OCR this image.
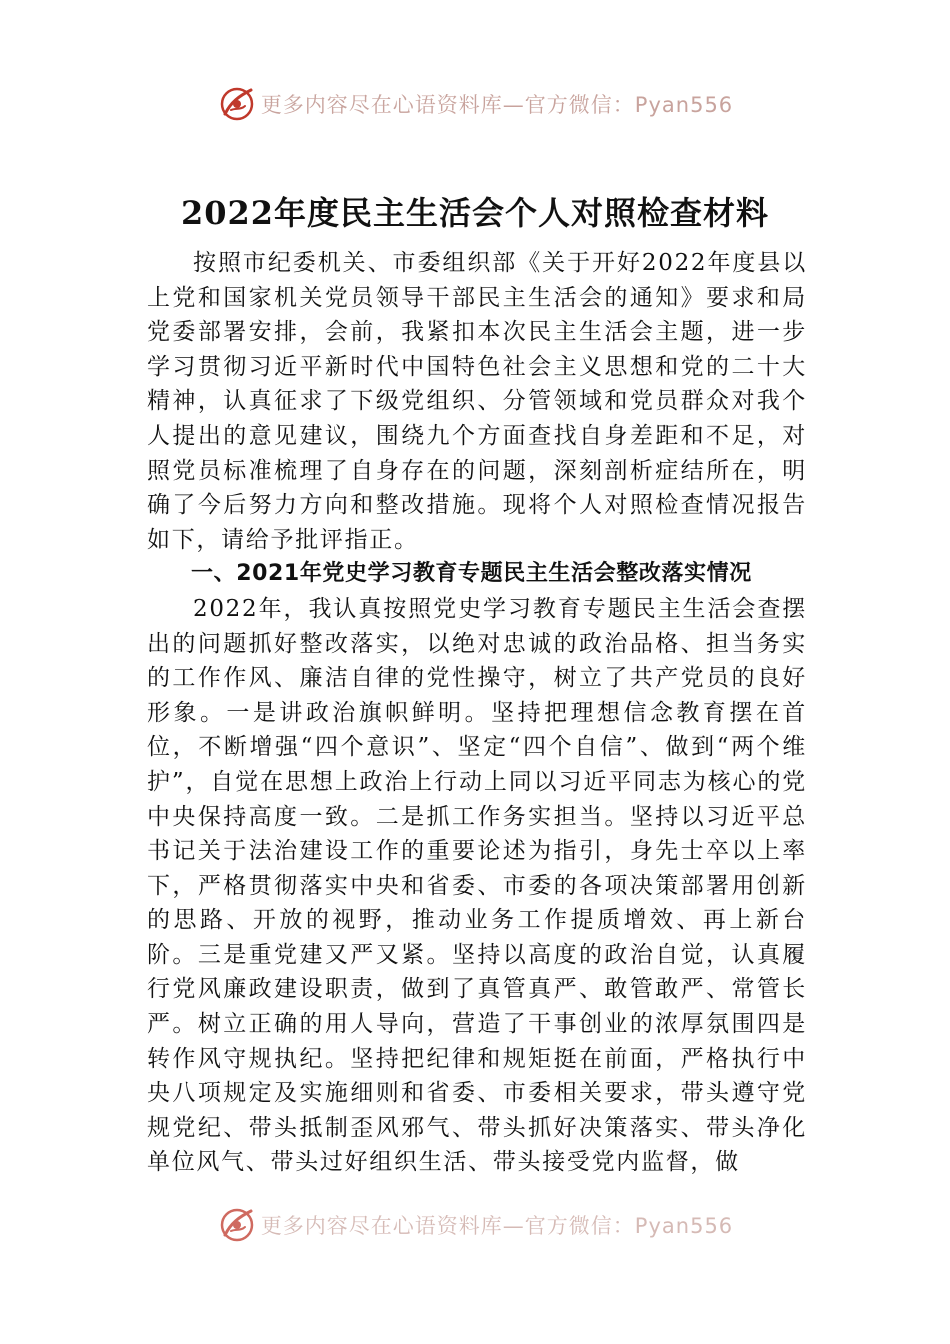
更多内容尽在心语资料库—官方微信：Pyan556
2022年度民主生活会个人对照检查材料

按照市纪委机关、市委组织部《关于开好2022年度县以上党和国家机关党员领导干部民主生活会的通知》要求和局党委部署安排，会前，我紧扣本次民主生活会主题，进一步学习贯彻习近平新时代中国特色社会主义思想和党的二十大精神，认真征求了下级党组织、分管领域和党员群众对我个人提出的意见建议，围绕九个方面查找自身差距和不足，对照党员标准梳理了自身存在的问题，深刻剖析症结所在，明确了今后努力方向和整改措施。现将个人对照检查情况报告如下，请给予批评指正。

一、2021年党史学习教育专题民主生活会整改落实情况

2022年，我认真按照党史学习教育专题民主生活会查摆出的问题抓好整改落实，以绝对忠诚的政治品格、担当务实的工作作风、廉洁自律的党性操守，树立了共产党员的良好形象。一是讲政治旗帜鲜明。坚持把理想信念教育摆在首位，不断增强“四个意识”、坚定“四个自信”、做到“两个维护”，自觉在思想上政治上行动上同以习近平同志为核心的党中央保持高度一致。二是抓工作务实担当。坚持以习近平总书记关于法治建设工作的重要论述为指引，身先士卒以上率下，严格贯彻落实中央和省委、市委的各项决策部署用创新的思路、开放的视野，推动业务工作提质增效、再上新台阶。三是重党建又严又紧。坚持以高度的政治自觉，认真履行党风廉政建设职责，做到了真管真严、敢管敢严、常管长严。树立正确的用人导向，营造了干事创业的浓厚氛围四是转作风守规执纪。坚持把纪律和规矩挺在前面，严格执行中央八项规定及实施细则和省委、市委相关要求，带头遵守党规党纪、带头抵制歪风邪气、带头抓好决策落实、带头净化单位风气、带头过好组织生活、带头接受党内监督，做

更多内容尽在心语资料库—官方微信：Pyan556
